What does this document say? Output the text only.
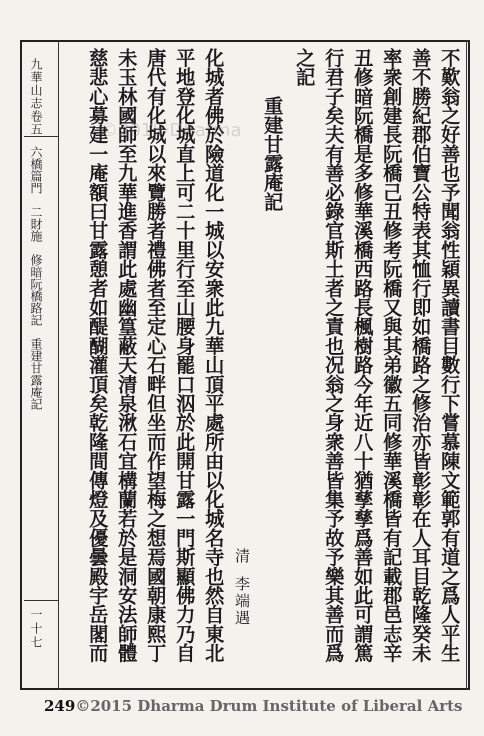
不歎翁之好善也予聞翁性穎異讀書目數行下嘗慕陳文範郭有道之爲人平生
善不勝紀郡伯寶公特表其恤行即如橋路之修治亦皆彰彰在人耳目乾隆癸未
率衆創建長阮橋己丑修考阮橋又與其弟徽五同修華溪橋皆有記載郡邑志辛
丑修暗阮橋是多修華溪橋西路長楓樹路今年近八十猶孳孳爲善如此可謂篤
行君子矣夫有善必錄官斯土者之責也况翁之身衆善皆集予故予樂其善而爲
之記
重建甘露庵記
清
李端遇
化城者佛於險道化一城以安衆此九華山頂平處所由以化城名寺也然自東北
平地登化城直上可二十里行至山腰身罷口泅於此開甘露一門斯顯佛力乃自
唐代有化城以來覽勝者禮佛者至定心石畔但坐而作望梅之想焉國朝康熙丁
未玉林國師至九華進香謂此處幽篁蔽天清泉湫石宜構蘭若於是洞安法師體
慈悲心募建一庵額曰甘露憩者如醍醐灌頂矣乾隆間傳燈及優曇殿宇岳閣而
九華山志卷五
六橋篇門　二財施　修暗阮橋路記　重建甘露庵記
一十七
©2015·Dharma
249©2015 Dharma Drum Institute of Liberal Arts
